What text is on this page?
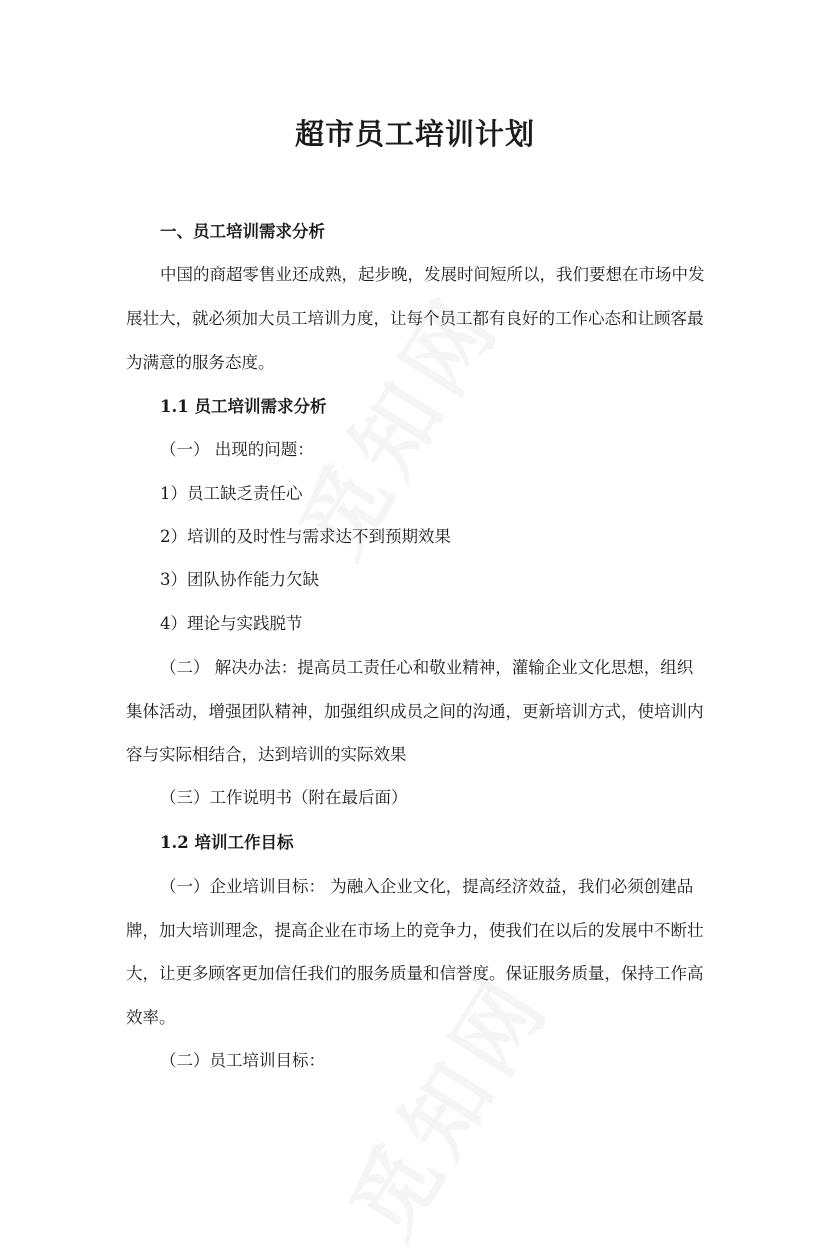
超市员工培训计划
一、员工培训需求分析
中国的商超零售业还成熟，起步晚，发展时间短所以，我们要想在市场中发
展壮大，就必须加大员工培训力度，让每个员工都有良好的工作心态和让顾客最
为满意的服务态度。
1.1 员工培训需求分析
（一） 出现的问题：
1）员工缺乏责任心
2）培训的及时性与需求达不到预期效果
3）团队协作能力欠缺
4）理论与实践脱节
（二） 解决办法：提高员工责任心和敬业精神，灌输企业文化思想，组织
集体活动，增强团队精神，加强组织成员之间的沟通，更新培训方式，使培训内
容与实际相结合，达到培训的实际效果
（三）工作说明书（附在最后面）
1.2 培训工作目标
（一）企业培训目标： 为融入企业文化，提高经济效益，我们必须创建品
牌，加大培训理念，提高企业在市场上的竞争力，使我们在以后的发展中不断壮
大，让更多顾客更加信任我们的服务质量和信誉度。保证服务质量，保持工作高
效率。
（二）员工培训目标：
